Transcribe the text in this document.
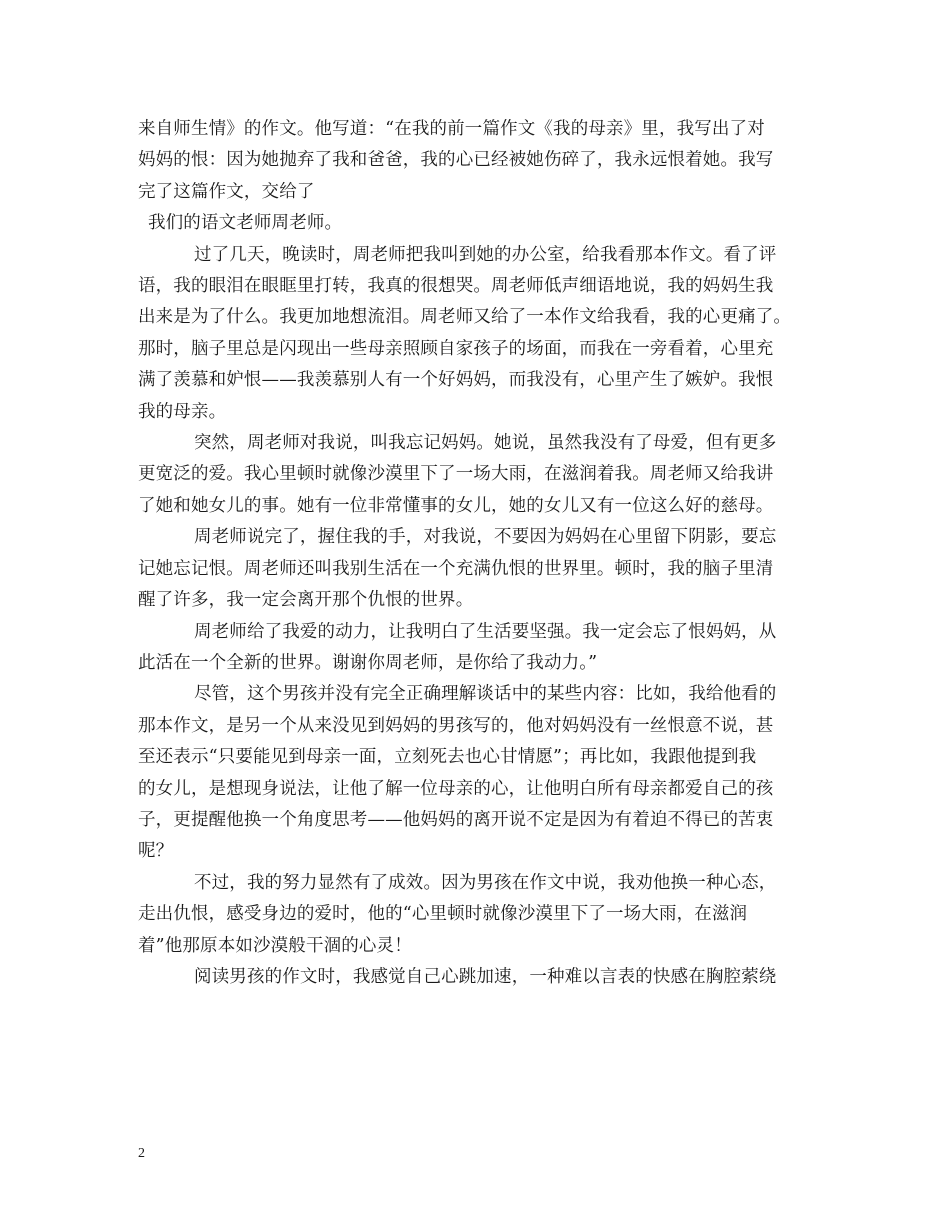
来自师生情》的作文。他写道：“在我的前一篇作文《我的母亲》里，我写出了对
妈妈的恨：因为她抛弃了我和爸爸，我的心已经被她伤碎了，我永远恨着她。我写
完了这篇作文，交给了
我们的语文老师周老师。
过了几天，晚读时，周老师把我叫到她的办公室，给我看那本作文。看了评
语，我的眼泪在眼眶里打转，我真的很想哭。周老师低声细语地说，我的妈妈生我
出来是为了什么。我更加地想流泪。周老师又给了一本作文给我看，我的心更痛了。
那时，脑子里总是闪现出一些母亲照顾自家孩子的场面，而我在一旁看着，心里充
满了羡慕和妒恨——我羡慕别人有一个好妈妈，而我没有，心里产生了嫉妒。我恨
我的母亲。
突然，周老师对我说，叫我忘记妈妈。她说，虽然我没有了母爱，但有更多
更宽泛的爱。我心里顿时就像沙漠里下了一场大雨，在滋润着我。周老师又给我讲
了她和她女儿的事。她有一位非常懂事的女儿，她的女儿又有一位这么好的慈母。
周老师说完了，握住我的手，对我说，不要因为妈妈在心里留下阴影，要忘
记她忘记恨。周老师还叫我别生活在一个充满仇恨的世界里。顿时，我的脑子里清
醒了许多，我一定会离开那个仇恨的世界。
周老师给了我爱的动力，让我明白了生活要坚强。我一定会忘了恨妈妈，从
此活在一个全新的世界。谢谢你周老师，是你给了我动力。”
尽管，这个男孩并没有完全正确理解谈话中的某些内容：比如，我给他看的
那本作文，是另一个从来没见到妈妈的男孩写的，他对妈妈没有一丝恨意不说，甚
至还表示“只要能见到母亲一面，立刻死去也心甘情愿”；再比如，我跟他提到我
的女儿，是想现身说法，让他了解一位母亲的心，让他明白所有母亲都爱自己的孩
子，更提醒他换一个角度思考——他妈妈的离开说不定是因为有着迫不得已的苦衷
呢？
不过，我的努力显然有了成效。因为男孩在作文中说，我劝他换一种心态，
走出仇恨，感受身边的爱时，他的“心里顿时就像沙漠里下了一场大雨，在滋润
着”他那原本如沙漠般干涸的心灵！
阅读男孩的作文时，我感觉自己心跳加速，一种难以言表的快感在胸腔萦绕
2
